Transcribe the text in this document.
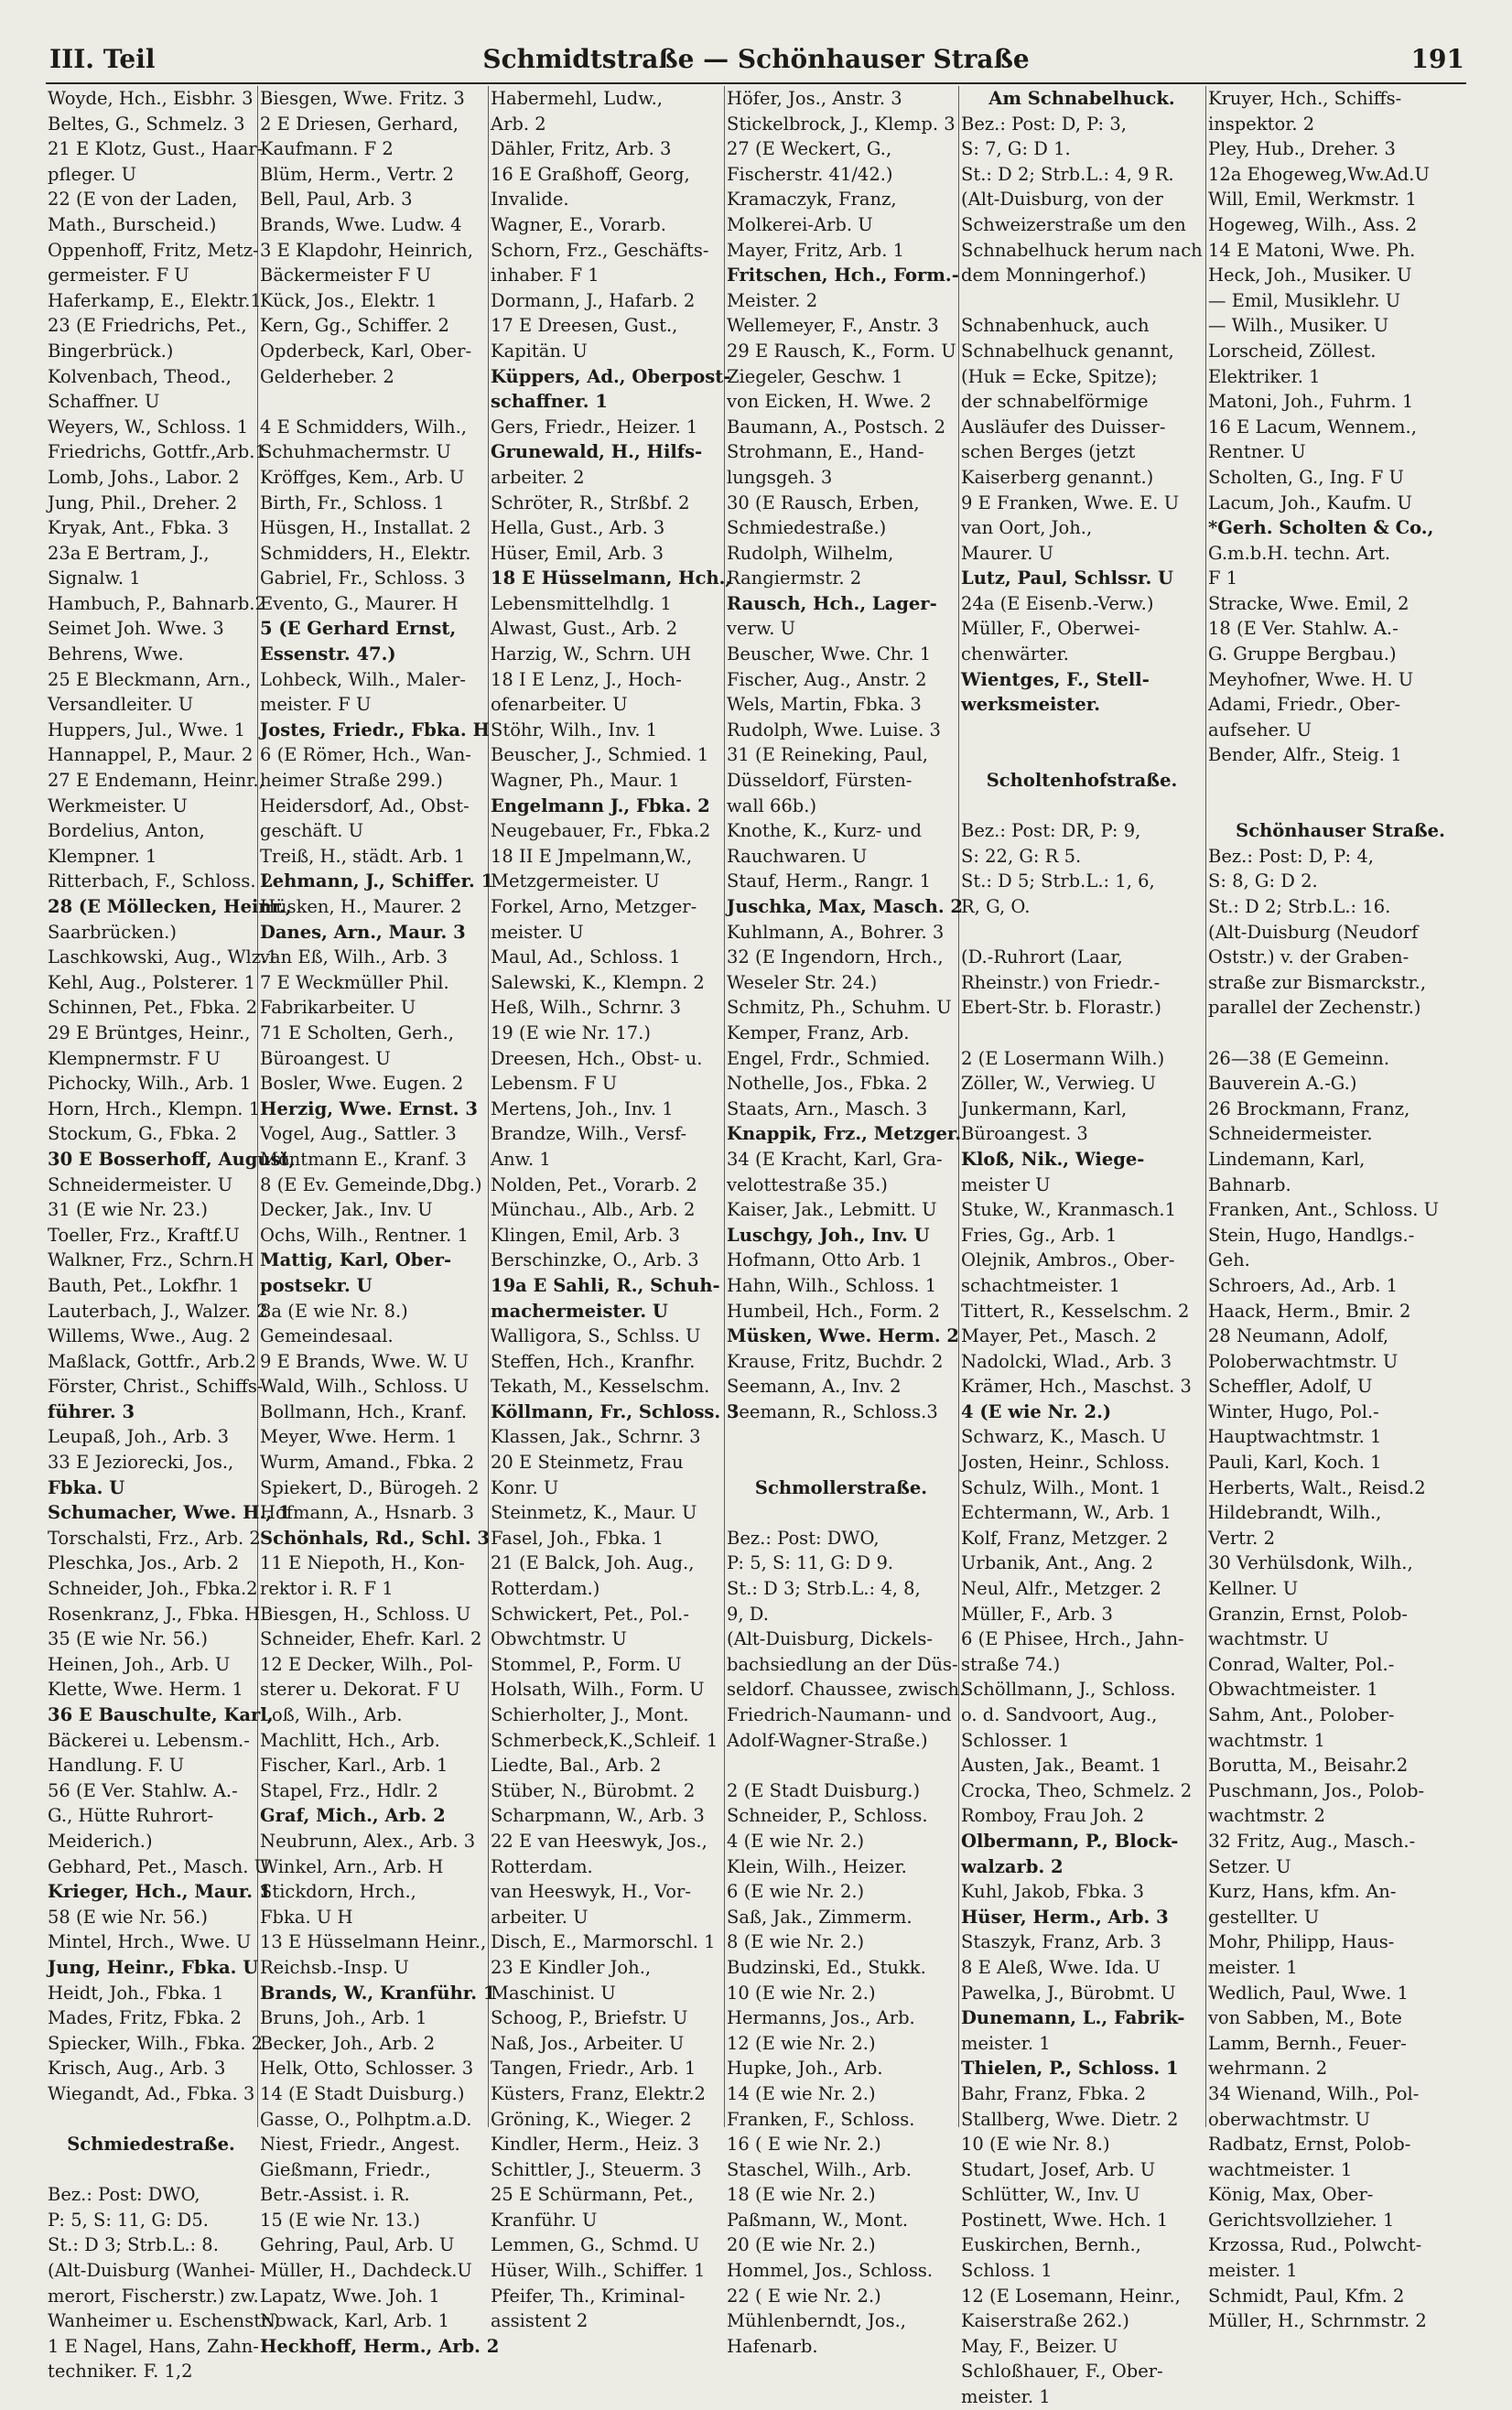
III. Teil	Schmidtstraße — Schönhauser Straße	191
Woyde, Hch., Eisbhr. 3
Beltes, G., Schmelz. 3
21 E Klotz, Gust., Haar-
pfleger. U
22 (E von der Laden,
Math., Burscheid.)
Oppenhoff, Fritz, Metz-
germeister. F U
Haferkamp, E., Elektr.1
23 (E Friedrichs, Pet.,
Bingerbrück.)
Kolvenbach, Theod.,
Schaffner. U
Weyers, W., Schloss. 1
Friedrichs, Gottfr.,Arb.1
Lomb, Johs., Labor. 2
Jung, Phil., Dreher. 2
Kryak, Ant., Fbka. 3
23a E Bertram, J.,
Signalw. 1
Hambuch, P., Bahnarb.2
Seimet Joh. Wwe. 3
Behrens, Wwe.
25 E Bleckmann, Arn.,
Versandleiter. U
Huppers, Jul., Wwe. 1
Hannappel, P., Maur. 2
27 E Endemann, Heinr.,
Werkmeister. U
Bordelius, Anton,
Klempner. 1
Ritterbach, F., Schloss. 2
28 (E Möllecken, Heinr.,
Saarbrücken.)
Laschkowski, Aug., Wlz.1
Kehl, Aug., Polsterer. 1
Schinnen, Pet., Fbka. 2
29 E Brüntges, Heinr.,
Klempnermstr. F U
Pichocky, Wilh., Arb. 1
Horn, Hrch., Klempn. 1
Stockum, G., Fbka. 2
30 E Bosserhoff, August,
Schneidermeister. U
31 (E wie Nr. 23.)
Toeller, Frz., Kraftf.U
Walkner, Frz., Schrn.H
Bauth, Pet., Lokfhr. 1
Lauterbach, J., Walzer. 2
Willems, Wwe., Aug. 2
Maßlack, Gottfr., Arb.2
Förster, Christ., Schiffs-
führer. 3
Leupaß, Joh., Arb. 3
33 E Jeziorecki, Jos.,
Fbka. U
Schumacher, Wwe. H., 1
Torschalsti, Frz., Arb. 2
Pleschka, Jos., Arb. 2
Schneider, Joh., Fbka.2
Rosenkranz, J., Fbka. H
35 (E wie Nr. 56.)
Heinen, Joh., Arb. U
Klette, Wwe. Herm. 1
36 E Bauschulte, Karl,
Bäckerei u. Lebensm.-
Handlung. F. U
56 (E Ver. Stahlw. A.-
G., Hütte Ruhrort-
Meiderich.)
Gebhard, Pet., Masch. U
Krieger, Hch., Maur. 1
58 (E wie Nr. 56.)
Mintel, Hrch., Wwe. U
Jung, Heinr., Fbka. U
Heidt, Joh., Fbka. 1
Mades, Fritz, Fbka. 2
Spiecker, Wilh., Fbka. 2
Krisch, Aug., Arb. 3
Wiegandt, Ad., Fbka. 3
Schmiedestraße.
Bez.: Post: DWO,
P: 5, S: 11, G: D5.
St.: D 3; Strb.L.: 8.
(Alt-Duisburg (Wanhei-
merort, Fischerstr.) zw.
Wanheimer u. Eschenstr.)
1 E Nagel, Hans, Zahn-
techniker. F. 1,2
Biesgen, Wwe. Fritz. 3
2 E Driesen, Gerhard,
Kaufmann. F 2
Blüm, Herm., Vertr. 2
Bell, Paul, Arb. 3
Brands, Wwe. Ludw. 4
3 E Klapdohr, Heinrich,
Bäckermeister F U
Kück, Jos., Elektr. 1
Kern, Gg., Schiffer. 2
Opderbeck, Karl, Ober-
Gelderheber. 2
4 E Schmidders, Wilh.,
Schuhmachermstr. U
Kröffges, Kem., Arb. U
Birth, Fr., Schloss. 1
Hüsgen, H., Installat. 2
Schmidders, H., Elektr.
Gabriel, Fr., Schloss. 3
Evento, G., Maurer. H
5 (E Gerhard Ernst,
Essenstr. 47.)
Lohbeck, Wilh., Maler-
meister. F U
Jostes, Friedr., Fbka. H
6 (E Römer, Hch., Wan-
heimer Straße 299.)
Heidersdorf, Ad., Obst-
geschäft. U
Treiß, H., städt. Arb. 1
Lehmann, J., Schiffer. 1
Hüsken, H., Maurer. 2
Danes, Arn., Maur. 3
van Eß, Wilh., Arb. 3
7 E Weckmüller Phil.
Fabrikarbeiter. U
71 E Scholten, Gerh.,
Büroangest. U
Bosler, Wwe. Eugen. 2
Herzig, Wwe. Ernst. 3
Vogel, Aug., Sattler. 3
Möntmann E., Kranf. 3
8 (E Ev. Gemeinde,Dbg.)
Decker, Jak., Inv. U
Ochs, Wilh., Rentner. 1
Mattig, Karl, Ober-
postsekr. U
8a (E wie Nr. 8.)
Gemeindesaal.
9 E Brands, Wwe. W. U
Wald, Wilh., Schloss. U
Bollmann, Hch., Kranf.
Meyer, Wwe. Herm. 1
Wurm, Amand., Fbka. 2
Spiekert, D., Bürogeh. 2
Hofmann, A., Hsnarb. 3
Schönhals, Rd., Schl. 3
11 E Niepoth, H., Kon-
rektor i. R. F 1
Biesgen, H., Schloss. U
Schneider, Ehefr. Karl. 2
12 E Decker, Wilh., Pol-
sterer u. Dekorat. F U
Loß, Wilh., Arb.
Machlitt, Hch., Arb.
Fischer, Karl., Arb. 1
Stapel, Frz., Hdlr. 2
Graf, Mich., Arb. 2
Neubrunn, Alex., Arb. 3
Winkel, Arn., Arb. H
Stickdorn, Hrch.,
Fbka. U H
13 E Hüsselmann Heinr.,
Reichsb.-Insp. U
Brands, W., Kranführ. 1
Bruns, Joh., Arb. 1
Becker, Joh., Arb. 2
Helk, Otto, Schlosser. 3
14 (E Stadt Duisburg.)
Gasse, O., Polhptm.a.D.
Niest, Friedr., Angest.
Gießmann, Friedr.,
Betr.-Assist. i. R.
15 (E wie Nr. 13.)
Gehring, Paul, Arb. U
Müller, H., Dachdeck.U
Lapatz, Wwe. Joh. 1
Nowack, Karl, Arb. 1
Heckhoff, Herm., Arb. 2
Habermehl, Ludw.,
Arb. 2
Dähler, Fritz, Arb. 3
16 E Graßhoff, Georg,
Invalide.
Wagner, E., Vorarb.
Schorn, Frz., Geschäfts-
inhaber. F 1
Dormann, J., Hafarb. 2
17 E Dreesen, Gust.,
Kapitän. U
Küppers, Ad., Oberpost-
schaffner. 1
Gers, Friedr., Heizer. 1
Grunewald, H., Hilfs-
arbeiter. 2
Schröter, R., Strßbf. 2
Hella, Gust., Arb. 3
Hüser, Emil, Arb. 3
18 E Hüsselmann, Hch.,
Lebensmittelhdlg. 1
Alwast, Gust., Arb. 2
Harzig, W., Schrn. UH
18 I E Lenz, J., Hoch-
ofenarbeiter. U
Stöhr, Wilh., Inv. 1
Beuscher, J., Schmied. 1
Wagner, Ph., Maur. 1
Engelmann J., Fbka. 2
Neugebauer, Fr., Fbka.2
18 II E Jmpelmann,W.,
Metzgermeister. U
Forkel, Arno, Metzger-
meister. U
Maul, Ad., Schloss. 1
Salewski, K., Klempn. 2
Heß, Wilh., Schrnr. 3
19 (E wie Nr. 17.)
Dreesen, Hch., Obst- u.
Lebensm. F U
Mertens, Joh., Inv. 1
Brandze, Wilh., Versf-
Anw. 1
Nolden, Pet., Vorarb. 2
Münchau., Alb., Arb. 2
Klingen, Emil, Arb. 3
Berschinzke, O., Arb. 3
19a E Sahli, R., Schuh-
machermeister. U
Walligora, S., Schlss. U
Steffen, Hch., Kranfhr.
Tekath, M., Kesselschm.
Köllmann, Fr., Schloss. 3
Klassen, Jak., Schrnr. 3
20 E Steinmetz, Frau
Konr. U
Steinmetz, K., Maur. U
Fasel, Joh., Fbka. 1
21 (E Balck, Joh. Aug.,
Rotterdam.)
Schwickert, Pet., Pol.-
Obwchtmstr. U
Stommel, P., Form. U
Holsath, Wilh., Form. U
Schierholter, J., Mont.
Schmerbeck,K.,Schleif. 1
Liedte, Bal., Arb. 2
Stüber, N., Bürobmt. 2
Scharpmann, W., Arb. 3
22 E van Heeswyk, Jos.,
Rotterdam.
van Heeswyk, H., Vor-
arbeiter. U
Disch, E., Marmorschl. 1
23 E Kindler Joh.,
Maschinist. U
Schoog, P., Briefstr. U
Naß, Jos., Arbeiter. U
Tangen, Friedr., Arb. 1
Küsters, Franz, Elektr.2
Gröning, K., Wieger. 2
Kindler, Herm., Heiz. 3
Schittler, J., Steuerm. 3
25 E Schürmann, Pet.,
Kranführ. U
Lemmen, G., Schmd. U
Hüser, Wilh., Schiffer. 1
Pfeifer, Th., Kriminal-
assistent 2
Höfer, Jos., Anstr. 3
Stickelbrock, J., Klemp. 3
27 (E Weckert, G.,
Fischerstr. 41/42.)
Kramaczyk, Franz,
Molkerei-Arb. U
Mayer, Fritz, Arb. 1
Fritschen, Hch., Form.-
Meister. 2
Wellemeyer, F., Anstr. 3
29 E Rausch, K., Form. U
Ziegeler, Geschw. 1
von Eicken, H. Wwe. 2
Baumann, A., Postsch. 2
Strohmann, E., Hand-
lungsgeh. 3
30 (E Rausch, Erben,
Schmiedestraße.)
Rudolph, Wilhelm,
Rangiermstr. 2
Rausch, Hch., Lager-
verw. U
Beuscher, Wwe. Chr. 1
Fischer, Aug., Anstr. 2
Wels, Martin, Fbka. 3
Rudolph, Wwe. Luise. 3
31 (E Reineking, Paul,
Düsseldorf, Fürsten-
wall 66b.)
Knothe, K., Kurz- und
Rauchwaren. U
Stauf, Herm., Rangr. 1
Juschka, Max, Masch. 2
Kuhlmann, A., Bohrer. 3
32 (E Ingendorn, Hrch.,
Weseler Str. 24.)
Schmitz, Ph., Schuhm. U
Kemper, Franz, Arb.
Engel, Frdr., Schmied.
Nothelle, Jos., Fbka. 2
Staats, Arn., Masch. 3
Knappik, Frz., Metzger.
34 (E Kracht, Karl, Gra-
velottestraße 35.)
Kaiser, Jak., Lebmitt. U
Luschgy, Joh., Inv. U
Hofmann, Otto Arb. 1
Hahn, Wilh., Schloss. 1
Humbeil, Hch., Form. 2
Müsken, Wwe. Herm. 2
Krause, Fritz, Buchdr. 2
Seemann, A., Inv. 2
Seemann, R., Schloss.3
Schmollerstraße.
Bez.: Post: DWO,
P: 5, S: 11, G: D 9.
St.: D 3; Strb.L.: 4, 8,
9, D.
(Alt-Duisburg, Dickels-
bachsiedlung an der Düs-
seldorf. Chaussee, zwisch.
Friedrich-Naumann- und
Adolf-Wagner-Straße.)
2 (E Stadt Duisburg.)
Schneider, P., Schloss.
4 (E wie Nr. 2.)
Klein, Wilh., Heizer.
6 (E wie Nr. 2.)
Saß, Jak., Zimmerm.
8 (E wie Nr. 2.)
Budzinski, Ed., Stukk.
10 (E wie Nr. 2.)
Hermanns, Jos., Arb.
12 (E wie Nr. 2.)
Hupke, Joh., Arb.
14 (E wie Nr. 2.)
Franken, F., Schloss.
16 ( E wie Nr. 2.)
Staschel, Wilh., Arb.
18 (E wie Nr. 2.)
Paßmann, W., Mont.
20 (E wie Nr. 2.)
Hommel, Jos., Schloss.
22 ( E wie Nr. 2.)
Mühlenberndt, Jos.,
Hafenarb.
Am Schnabelhuck.
Bez.: Post: D, P: 3,
S: 7, G: D 1.
St.: D 2; Strb.L.: 4, 9 R.
(Alt-Duisburg, von der
Schweizerstraße um den
Schnabelhuck herum nach
dem Monningerhof.)
Schnabenhuck, auch
Schnabelhuck genannt,
(Huk = Ecke, Spitze);
der schnabelförmige
Ausläufer des Duisser-
schen Berges (jetzt
Kaiserberg genannt.)
9 E Franken, Wwe. E. U
van Oort, Joh.,
Maurer. U
Lutz, Paul, Schlssr. U
24a (E Eisenb.-Verw.)
Müller, F., Oberwei-
chenwärter.
Wientges, F., Stell-
werksmeister.
Scholtenhofstraße.
Bez.: Post: DR, P: 9,
S: 22, G: R 5.
St.: D 5; Strb.L.: 1, 6,
R, G, O.
(D.-Ruhrort (Laar,
Rheinstr.) von Friedr.-
Ebert-Str. b. Florastr.)
2 (E Losermann Wilh.)
Zöller, W., Verwieg. U
Junkermann, Karl,
Büroangest. 3
Kloß, Nik., Wiege-
meister U
Stuke, W., Kranmasch.1
Fries, Gg., Arb. 1
Olejnik, Ambros., Ober-
schachtmeister. 1
Tittert, R., Kesselschm. 2
Mayer, Pet., Masch. 2
Nadolcki, Wlad., Arb. 3
Krämer, Hch., Maschst. 3
4 (E wie Nr. 2.)
Schwarz, K., Masch. U
Josten, Heinr., Schloss.
Schulz, Wilh., Mont. 1
Echtermann, W., Arb. 1
Kolf, Franz, Metzger. 2
Urbanik, Ant., Ang. 2
Neul, Alfr., Metzger. 2
Müller, F., Arb. 3
6 (E Phisee, Hrch., Jahn-
straße 74.)
Schöllmann, J., Schloss.
o. d. Sandvoort, Aug.,
Schlosser. 1
Austen, Jak., Beamt. 1
Crocka, Theo, Schmelz. 2
Romboy, Frau Joh. 2
Olbermann, P., Block-
walzarb. 2
Kuhl, Jakob, Fbka. 3
Hüser, Herm., Arb. 3
Staszyk, Franz, Arb. 3
8 E Aleß, Wwe. Ida. U
Pawelka, J., Bürobmt. U
Dunemann, L., Fabrik-
meister. 1
Thielen, P., Schloss. 1
Bahr, Franz, Fbka. 2
Stallberg, Wwe. Dietr. 2
10 (E wie Nr. 8.)
Studart, Josef, Arb. U
Schlütter, W., Inv. U
Postinett, Wwe. Hch. 1
Euskirchen, Bernh.,
Schloss. 1
12 (E Losemann, Heinr.,
Kaiserstraße 262.)
May, F., Beizer. U
Schloßhauer, F., Ober-
meister. 1
Kruyer, Hch., Schiffs-
inspektor. 2
Pley, Hub., Dreher. 3
12a Ehogeweg,Ww.Ad.U
Will, Emil, Werkmstr. 1
Hogeweg, Wilh., Ass. 2
14 E Matoni, Wwe. Ph.
Heck, Joh., Musiker. U
— Emil, Musiklehr. U
— Wilh., Musiker. U
Lorscheid, Zöllest.
Elektriker. 1
Matoni, Joh., Fuhrm. 1
16 E Lacum, Wennem.,
Rentner. U
Scholten, G., Ing. F U
Lacum, Joh., Kaufm. U
*Gerh. Scholten & Co.,
G.m.b.H. techn. Art.
F 1
Stracke, Wwe. Emil, 2
18 (E Ver. Stahlw. A.-
G. Gruppe Bergbau.)
Meyhofner, Wwe. H. U
Adami, Friedr., Ober-
aufseher. U
Bender, Alfr., Steig. 1
Schönhauser Straße.
Bez.: Post: D, P: 4,
S: 8, G: D 2.
St.: D 2; Strb.L.: 16.
(Alt-Duisburg (Neudorf
Oststr.) v. der Graben-
straße zur Bismarckstr.,
parallel der Zechenstr.)
26—38 (E Gemeinn.
Bauverein A.-G.)
26 Brockmann, Franz,
Schneidermeister.
Lindemann, Karl,
Bahnarb.
Franken, Ant., Schloss. U
Stein, Hugo, Handlgs.-
Geh.
Schroers, Ad., Arb. 1
Haack, Herm., Bmir. 2
28 Neumann, Adolf,
Poloberwachtmstr. U
Scheffler, Adolf, U
Winter, Hugo, Pol.-
Hauptwachtmstr. 1
Pauli, Karl, Koch. 1
Herberts, Walt., Reisd.2
Hildebrandt, Wilh.,
Vertr. 2
30 Verhülsdonk, Wilh.,
Kellner. U
Granzin, Ernst, Polob-
wachtmstr. U
Conrad, Walter, Pol.-
Obwachtmeister. 1
Sahm, Ant., Polober-
wachtmstr. 1
Borutta, M., Beisahr.2
Puschmann, Jos., Polob-
wachtmstr. 2
32 Fritz, Aug., Masch.-
Setzer. U
Kurz, Hans, kfm. An-
gestellter. U
Mohr, Philipp, Haus-
meister. 1
Wedlich, Paul, Wwe. 1
von Sabben, M., Bote
Lamm, Bernh., Feuer-
wehrmann. 2
34 Wienand, Wilh., Pol-
oberwachtmstr. U
Radbatz, Ernst, Polob-
wachtmeister. 1
König, Max, Ober-
Gerichtsvollzieher. 1
Krzossa, Rud., Polwcht-
meister. 1
Schmidt, Paul, Kfm. 2
Müller, H., Schrnmstr. 2
